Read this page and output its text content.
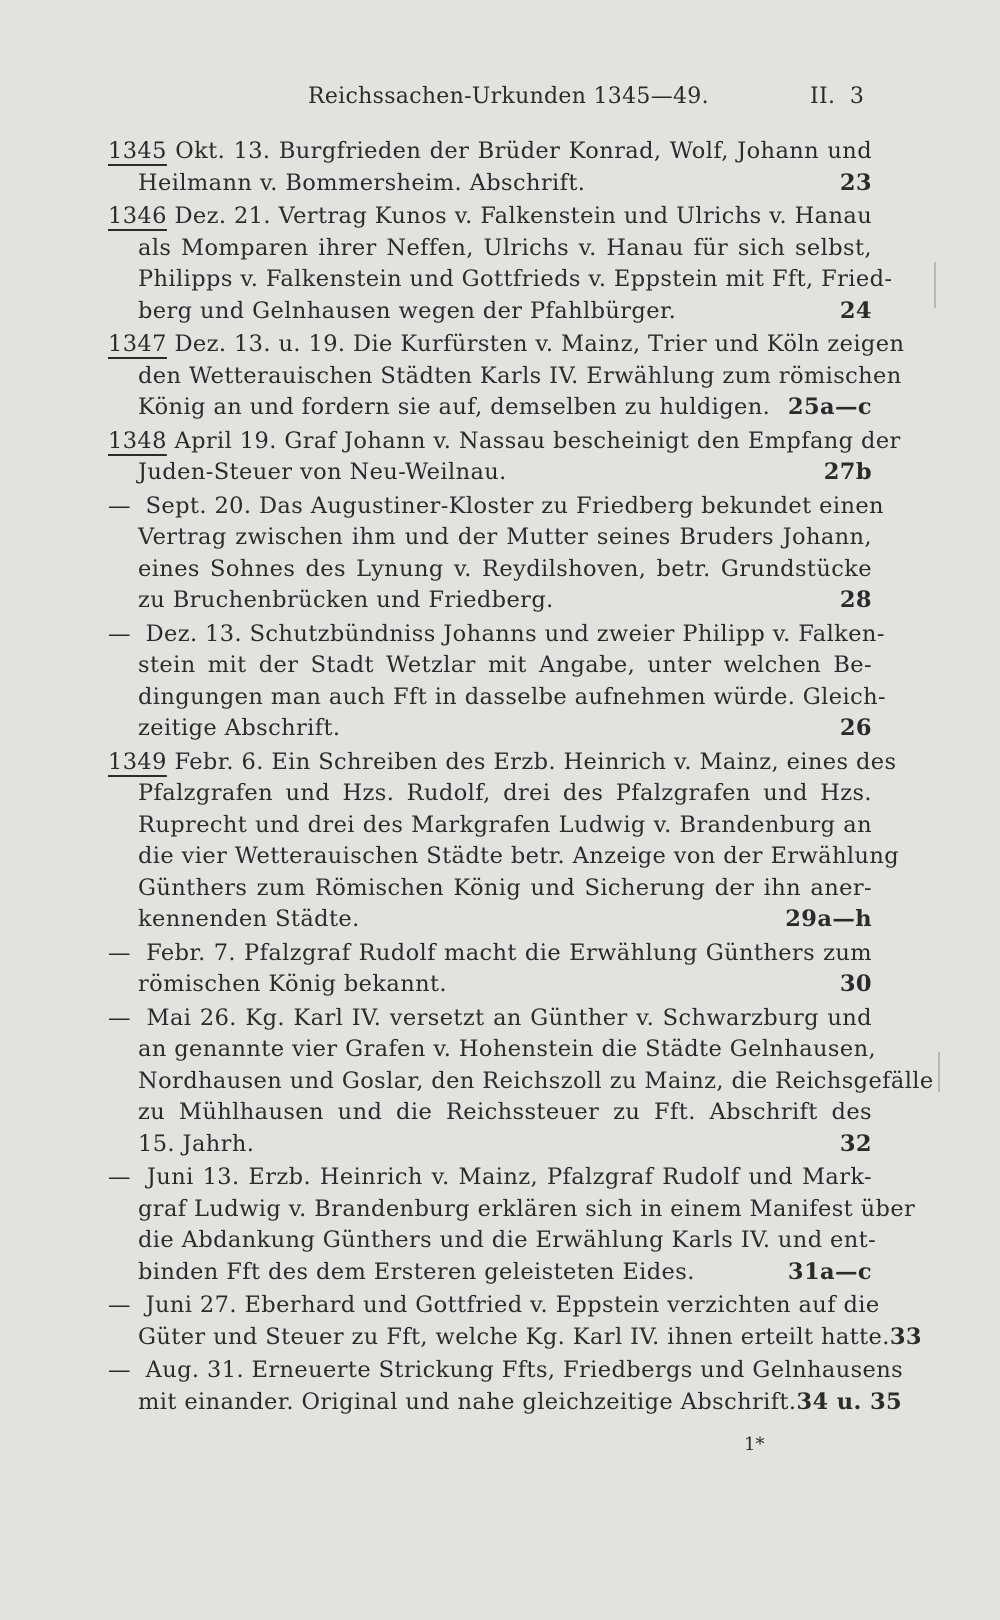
Reichssachen-Urkunden 1345—49.	II. 3
1345 Okt. 13. Burgfrieden der Brüder Konrad, Wolf, Johann und
Heilmann v. Bommersheim. Abschrift.	23
1346 Dez. 21. Vertrag Kunos v. Falkenstein und Ulrichs v. Hanau
als Momparen ihrer Neffen, Ulrichs v. Hanau für sich selbst,
Philipps v. Falkenstein und Gottfrieds v. Eppstein mit Fft, Fried-
berg und Gelnhausen wegen der Pfahlbürger.	24
1347 Dez. 13. u. 19. Die Kurfürsten v. Mainz, Trier und Köln zeigen
den Wetterauischen Städten Karls IV. Erwählung zum römischen
König an und fordern sie auf, demselben zu huldigen. 25a—c
1348 April 19. Graf Johann v. Nassau bescheinigt den Empfang der
Juden-Steuer von Neu-Weilnau.	27b
— Sept. 20. Das Augustiner-Kloster zu Friedberg bekundet einen
Vertrag zwischen ihm und der Mutter seines Bruders Johann,
eines Sohnes des Lynung v. Reydilshoven, betr. Grundstücke
zu Bruchenbrücken und Friedberg.	28
— Dez. 13. Schutzbündniss Johanns und zweier Philipp v. Falken-
stein mit der Stadt Wetzlar mit Angabe, unter welchen Be-
dingungen man auch Fft in dasselbe aufnehmen würde. Gleich-
zeitige Abschrift.	26
1349 Febr. 6. Ein Schreiben des Erzb. Heinrich v. Mainz, eines des
Pfalzgrafen und Hzs. Rudolf, drei des Pfalzgrafen und Hzs.
Ruprecht und drei des Markgrafen Ludwig v. Brandenburg an
die vier Wetterauischen Städte betr. Anzeige von der Erwählung
Günthers zum Römischen König und Sicherung der ihn aner-
kennenden Städte.	29a—h
— Febr. 7. Pfalzgraf Rudolf macht die Erwählung Günthers zum
römischen König bekannt.	30
— Mai 26. Kg. Karl IV. versetzt an Günther v. Schwarzburg und
an genannte vier Grafen v. Hohenstein die Städte Gelnhausen,
Nordhausen und Goslar, den Reichszoll zu Mainz, die Reichsgefälle
zu Mühlhausen und die Reichssteuer zu Fft. Abschrift des
15. Jahrh.	32
— Juni 13. Erzb. Heinrich v. Mainz, Pfalzgraf Rudolf und Mark-
graf Ludwig v. Brandenburg erklären sich in einem Manifest über
die Abdankung Günthers und die Erwählung Karls IV. und ent-
binden Fft des dem Ersteren geleisteten Eides.	31a—c
— Juni 27. Eberhard und Gottfried v. Eppstein verzichten auf die
Güter und Steuer zu Fft, welche Kg. Karl IV. ihnen erteilt hatte. 33
— Aug. 31. Erneuerte Strickung Ffts, Friedbergs und Gelnhausens
mit einander. Original und nahe gleichzeitige Abschrift. 34 u. 35
1*
